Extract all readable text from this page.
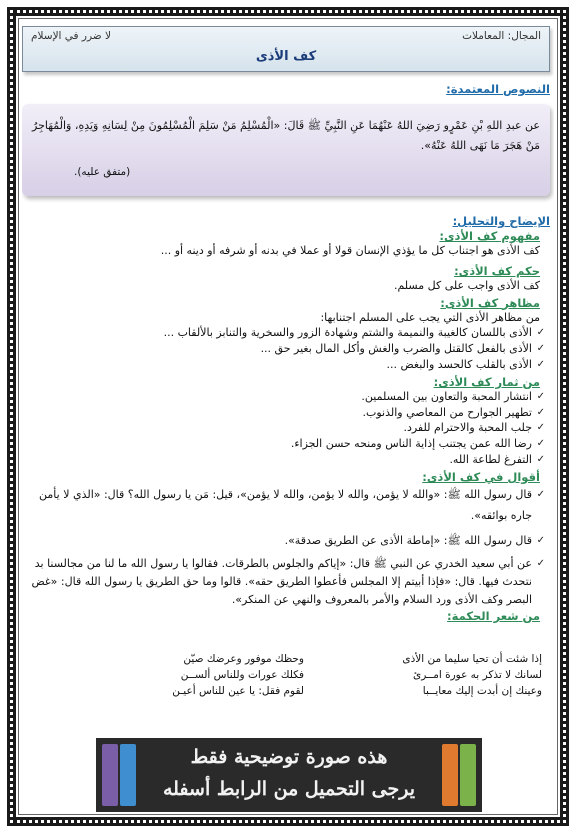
المجال: المعاملات
لا ضرر في الإسلام
كف الأذى
النصوص المعتمدة:
عن عبدِ اللهِ بْنِ عَمْرٍو رَضِيَ اللهُ عَنْهُمَا عَنِ النَّبِيِّ ﷺ قَالَ: «الْمُسْلِمُ مَنْ سَلِمَ الْمُسْلِمُونَ مِنْ لِسَانِهِ وَيَدِهِ، وَالْمُهَاجِرُ مَنْ هَجَرَ مَا نَهَى اللهُ عَنْهُ».
(متفق عليه).
الإيضاح والتحليل:
مفهوم كف الأذى:
كف الأذى هو اجتناب كل ما يؤذي الإنسان قولا أو عملا في بدنه أو شرفه أو دينه أو ...
حكم كف الأذى:
كف الأذى واجب على كل مسلم.
مظاهر كف الأذى:
من مظاهر الأذى التي يجب على المسلم اجتنابها:
✓
الأذى باللسان كالغيبة والنميمة والشتم وشهادة الزور والسخرية والتنابز بالألقاب ...
✓
الأذى بالفعل كالقتل والضرب والغش وأكل المال بغير حق ...
✓
الأذى بالقلب كالحسد والبغض ...
من ثمار كف الأذى:
✓
انتشار المحبة والتعاون بين المسلمين.
✓
تطهير الجوارح من المعاصي والذنوب.
✓
جلب المحبة والاحترام للفرد.
✓
رضا الله عمن يجتنب إذاية الناس ومنحه حسن الجزاء.
✓
التفرغ لطاعة الله.
أقوال في كف الأذى:
✓
قال رسول الله ﷺ: «والله لا يؤمن، والله لا يؤمن، والله لا يؤمن»، قيل: مَن يا رسول الله؟ قال: «الذي لا يأمن جاره بوائقه».
✓
قال رسول الله ﷺ: «إماطة الأذى عن الطريق صدقة».
✓
عن أبي سعيد الخدري عن النبي ﷺ قال: «إياكم والجلوس بالطرقات. فقالوا يا رسول الله ما لنا من مجالسنا بد نتحدث فيها. قال: «فإذا أبيتم إلا المجلس فأعطوا الطريق حقه». قالوا وما حق الطريق يا رسول الله قال: «غض البصر وكف الأذى ورد السلام والأمر بالمعروف والنهي عن المنكر».
من شعر الحكمة:
إذا شئت أن تحيا سليما من الأذى
وحظك موفور وعرضك صيّن
لسانك لا تذكر به عورة امــرئ
فكلك عورات وللناس ألســن
وعينك إن أبدت إليك معايــبا
لقوم فقل: يا عين للناس أعيـن
هذه صورة توضيحية فقط
يرجى التحميل من الرابط أسفله
